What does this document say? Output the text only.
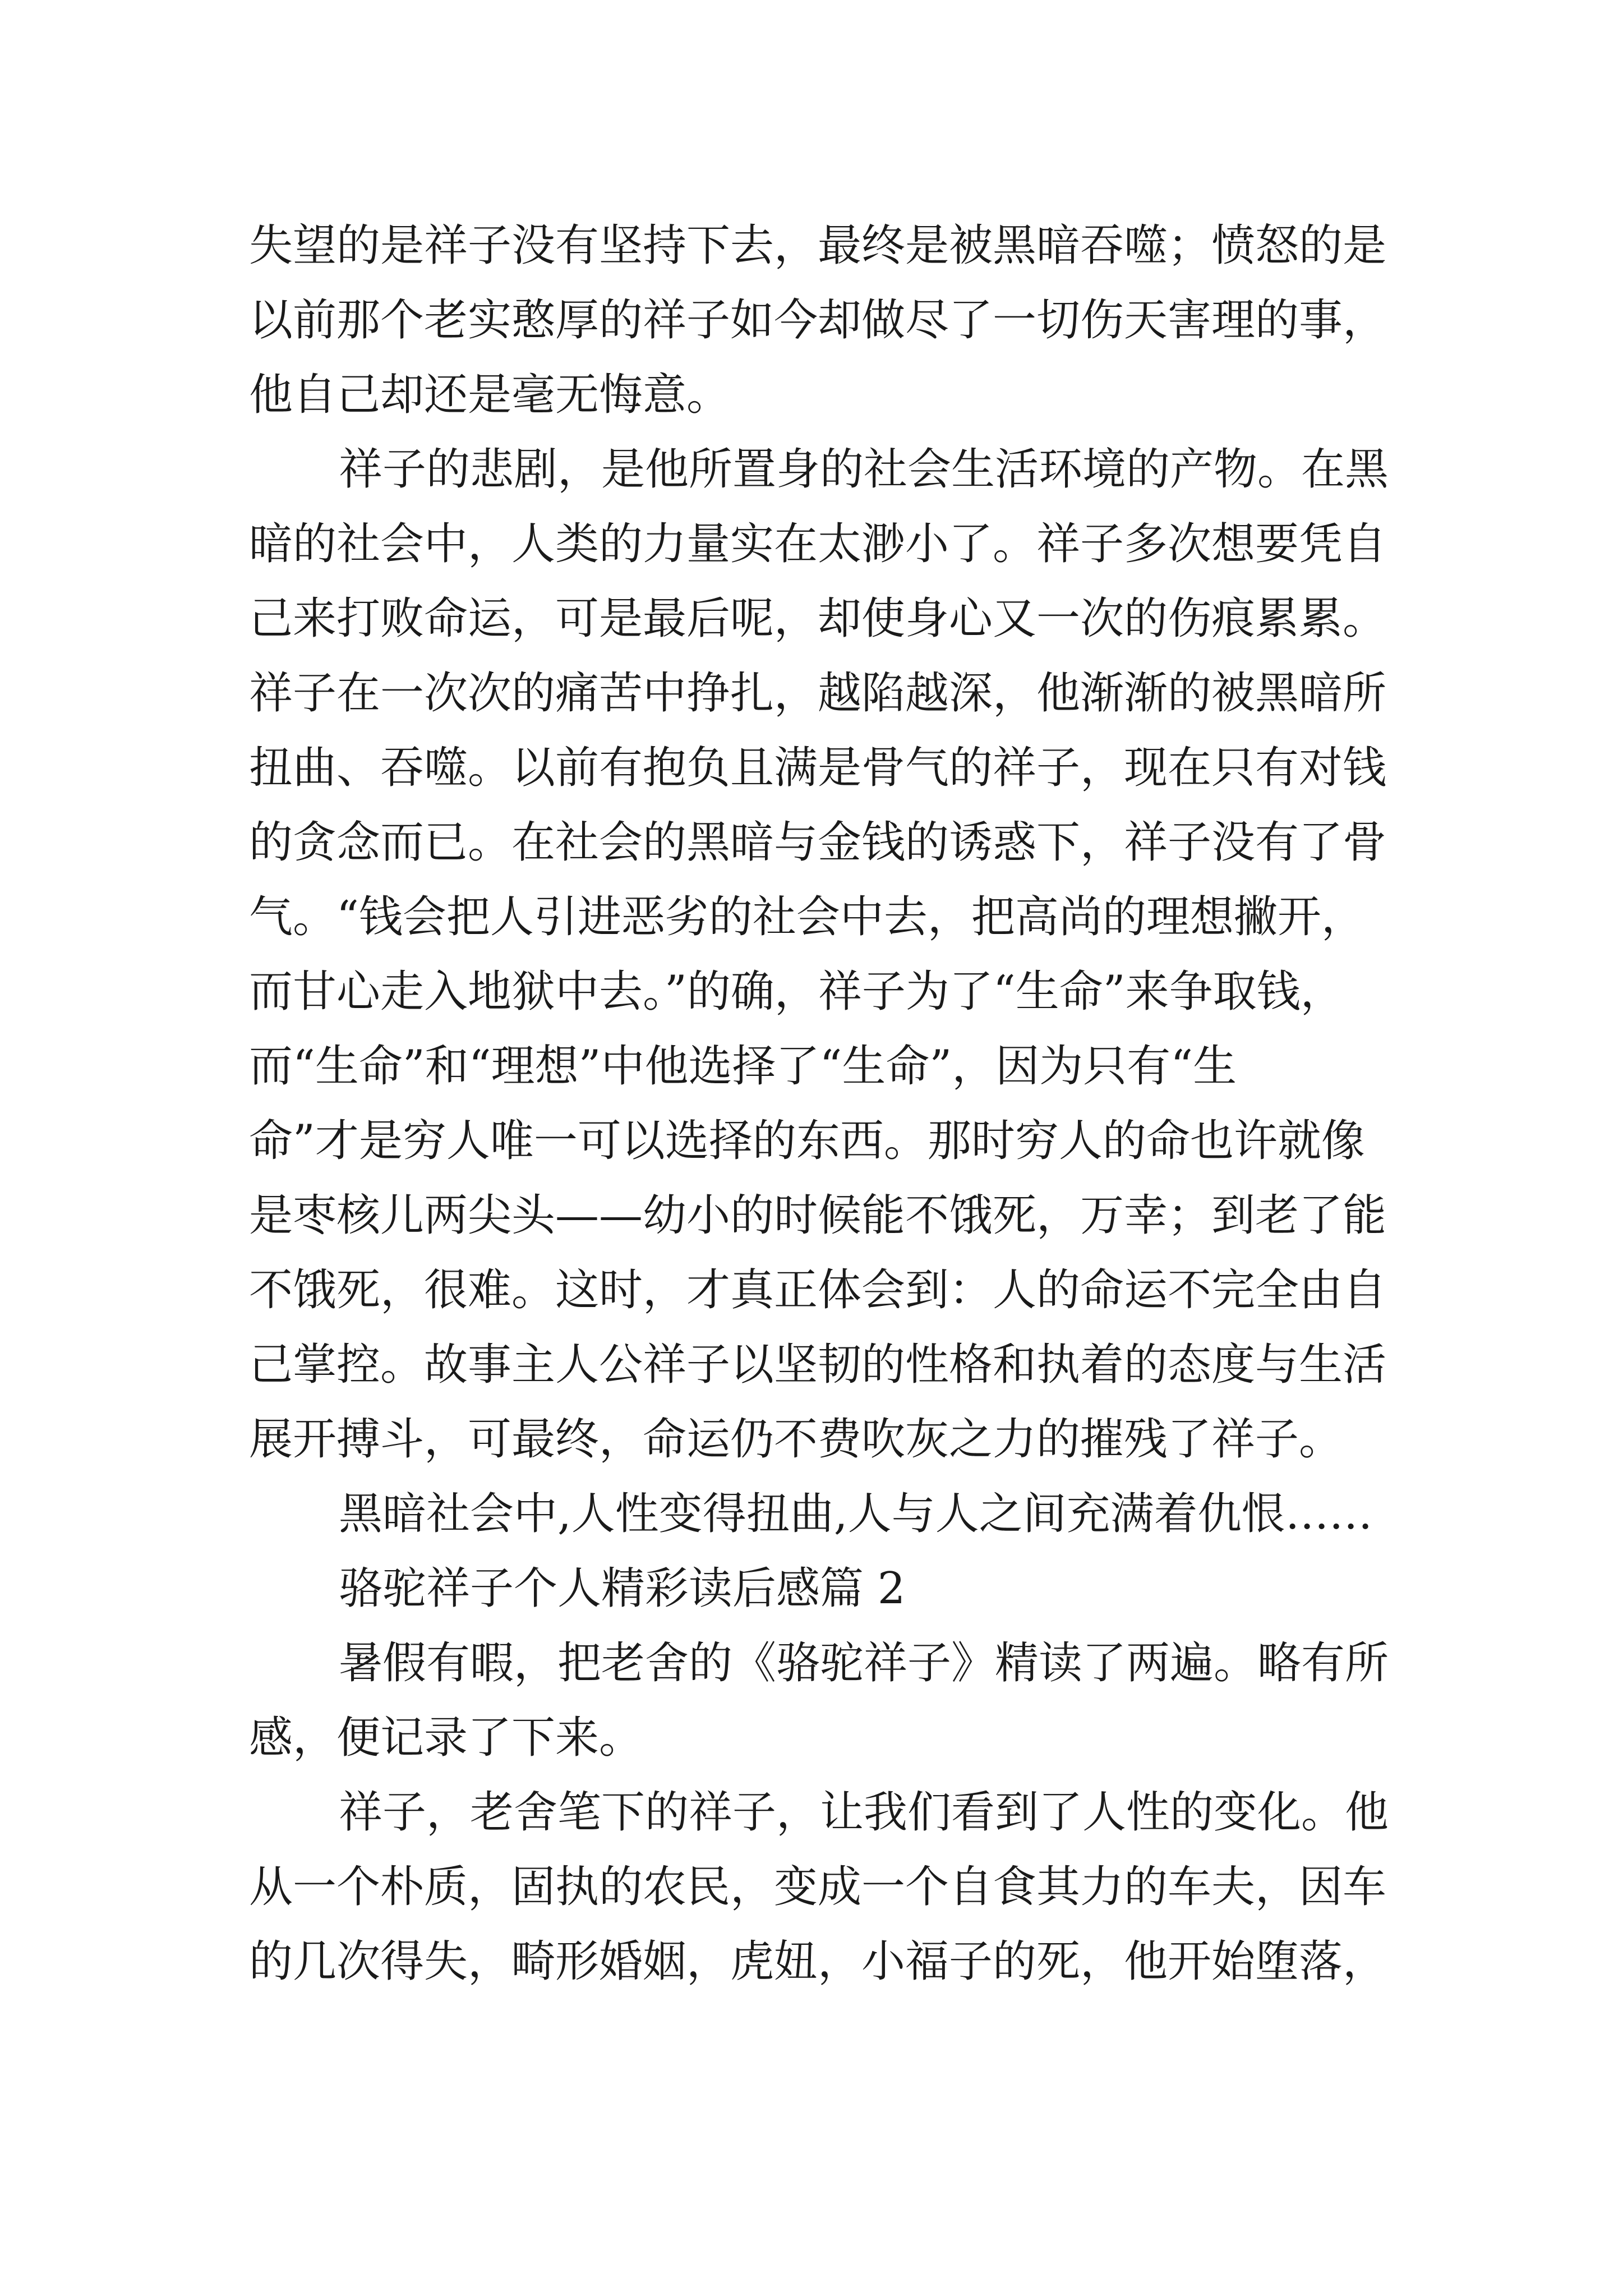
失望的是祥子没有坚持下去，最终是被黑暗吞噬；愤怒的是
以前那个老实憨厚的祥子如今却做尽了一切伤天害理的事，
他自己却还是毫无悔意。
祥子的悲剧，是他所置身的社会生活环境的产物。在黑
暗的社会中，人类的力量实在太渺小了。祥子多次想要凭自
己来打败命运，可是最后呢，却使身心又一次的伤痕累累。
祥子在一次次的痛苦中挣扎，越陷越深，他渐渐的被黑暗所
扭曲、吞噬。以前有抱负且满是骨气的祥子，现在只有对钱
的贪念而已。在社会的黑暗与金钱的诱惑下，祥子没有了骨
气。“钱会把人引进恶劣的社会中去，把高尚的理想撇开，
而甘心走入地狱中去。”的确，祥子为了“生命”来争取钱，
而“生命”和“理想”中他选择了“生命”，因为只有“生
命”才是穷人唯一可以选择的东西。那时穷人的命也许就像
是枣核儿两尖头——幼小的时候能不饿死，万幸；到老了能
不饿死，很难。这时，才真正体会到：人的命运不完全由自
己掌控。故事主人公祥子以坚韧的性格和执着的态度与生活
展开搏斗，可最终，命运仍不费吹灰之力的摧残了祥子。
黑暗社会中,人性变得扭曲,人与人之间充满着仇恨……
骆驼祥子个人精彩读后感篇 2
暑假有暇，把老舍的《骆驼祥子》精读了两遍。略有所
感，便记录了下来。
祥子，老舍笔下的祥子，让我们看到了人性的变化。他
从一个朴质，固执的农民，变成一个自食其力的车夫，因车
的几次得失，畸形婚姻，虎妞，小福子的死，他开始堕落，
